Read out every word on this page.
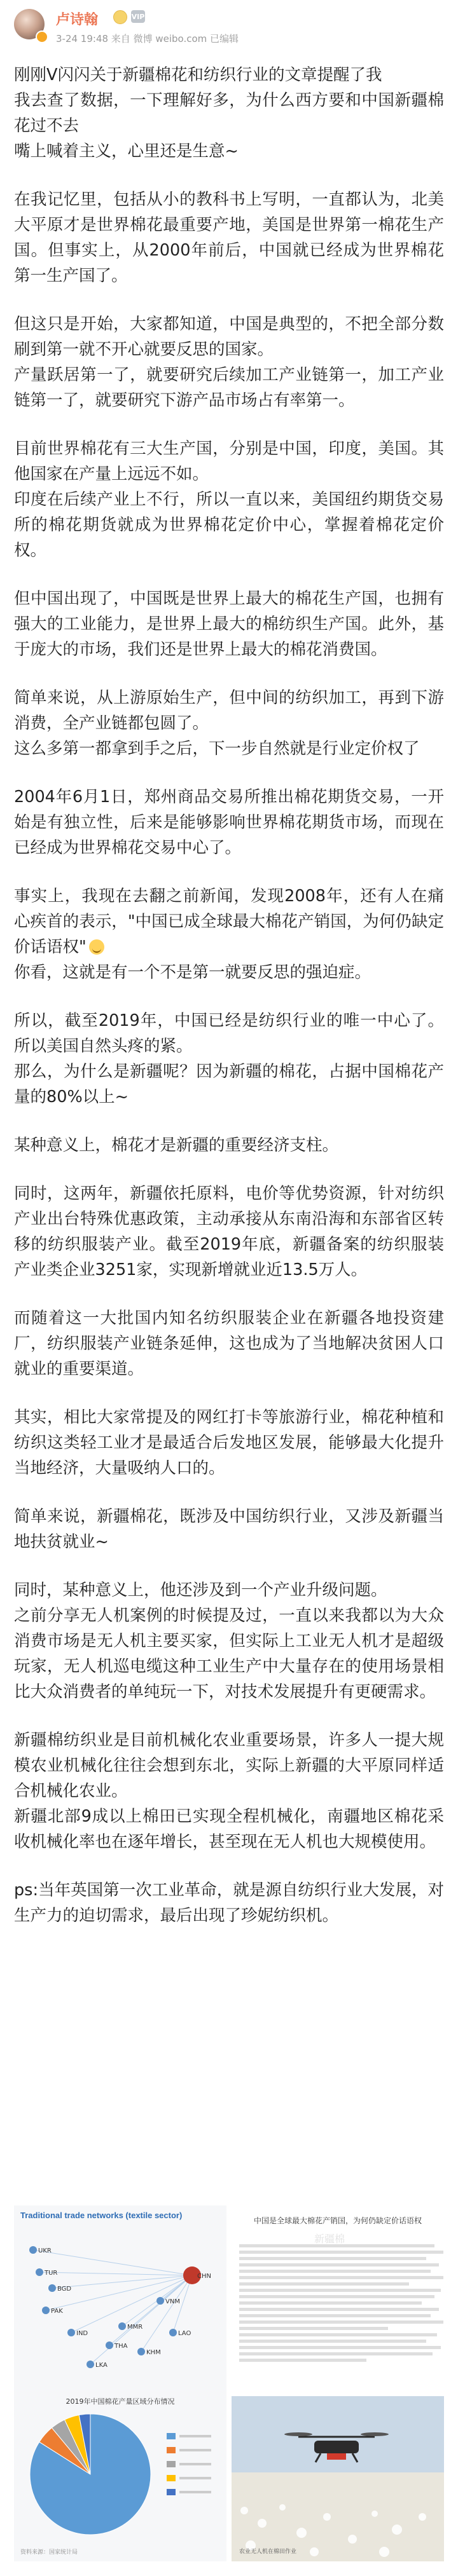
卢诗翰	VIP
3-24 19:48 来自 微博 weibo.com 已编辑
刚刚V闪闪关于新疆棉花和纺织行业的文章提醒了我
我去查了数据，一下理解好多，为什么西方要和中国新疆棉花过不去
嘴上喊着主义，心里还是生意~
在我记忆里，包括从小的教科书上写明，一直都认为，北美大平原才是世界棉花最重要产地，美国是世界第一棉花生产国。但事实上，从2000年前后，中国就已经成为世界棉花第一生产国了。
但这只是开始，大家都知道，中国是典型的，不把全部分数刷到第一就不开心就要反思的国家。
产量跃居第一了，就要研究后续加工产业链第一，加工产业链第一了，就要研究下游产品市场占有率第一。
目前世界棉花有三大生产国，分别是中国，印度，美国。其他国家在产量上远远不如。
印度在后续产业上不行，所以一直以来，美国纽约期货交易所的棉花期货就成为世界棉花定价中心，掌握着棉花定价权。
但中国出现了，中国既是世界上最大的棉花生产国，也拥有强大的工业能力，是世界上最大的棉纺织生产国。此外，基于庞大的市场，我们还是世界上最大的棉花消费国。
简单来说，从上游原始生产，但中间的纺织加工，再到下游消费，全产业链都包圆了。
这么多第一都拿到手之后，下一步自然就是行业定价权了
2004年6月1日，郑州商品交易所推出棉花期货交易，一开始是有独立性，后来是能够影响世界棉花期货市场，而现在已经成为世界棉花交易中心了。
事实上，我现在去翻之前新闻，发现2008年，还有人在痛心疾首的表示，"中国已成全球最大棉花产销国，为何仍缺定价话语权"
你看，这就是有一个不是第一就要反思的强迫症。
所以，截至2019年，中国已经是纺织行业的唯一中心了。所以美国自然头疼的紧。
那么，为什么是新疆呢？因为新疆的棉花，占据中国棉花产量的80%以上~
某种意义上，棉花才是新疆的重要经济支柱。
同时，这两年，新疆依托原料，电价等优势资源，针对纺织产业出台特殊优惠政策，主动承接从东南沿海和东部省区转移的纺织服装产业。截至2019年底，新疆备案的纺织服装产业类企业3251家，实现新增就业近13.5万人。
而随着这一大批国内知名纺织服装企业在新疆各地投资建厂，纺织服装产业链条延伸，这也成为了当地解决贫困人口就业的重要渠道。
其实，相比大家常提及的网红打卡等旅游行业，棉花种植和纺织这类轻工业才是最适合后发地区发展，能够最大化提升当地经济，大量吸纳人口的。
简单来说，新疆棉花，既涉及中国纺织行业，又涉及新疆当地扶贫就业~
同时，某种意义上，他还涉及到一个产业升级问题。
之前分享无人机案例的时候提及过，一直以来我都以为大众消费市场是无人机主要买家，但实际上工业无人机才是超级玩家，无人机巡电缆这种工业生产中大量存在的使用场景相比大众消费者的单纯玩一下，对技术发展提升有更硬需求。
新疆棉纺织业是目前机械化农业重要场景，许多人一提大规模农业机械化往往会想到东北，实际上新疆的大平原同样适合机械化农业。
新疆北部9成以上棉田已实现全程机械化，南疆地区棉花采收机械化率也在逐年增长，甚至现在无人机也大规模使用。
ps:当年英国第一次工业革命，就是源自纺织行业大发展，对生产力的迫切需求，最后出现了珍妮纺织机。
Traditional trade networks (textile sector)
UKR
BGD
IND
TUR
PAK
LKA
KHM
VNM
CHN
MMR
LAO
THA
2019年中国棉花产量区域分布情况
资料来源：国家统计局
中国是全球最大棉花产销国，为何仍缺定价话语权
农业无人机在棉田作业
新疆棉
